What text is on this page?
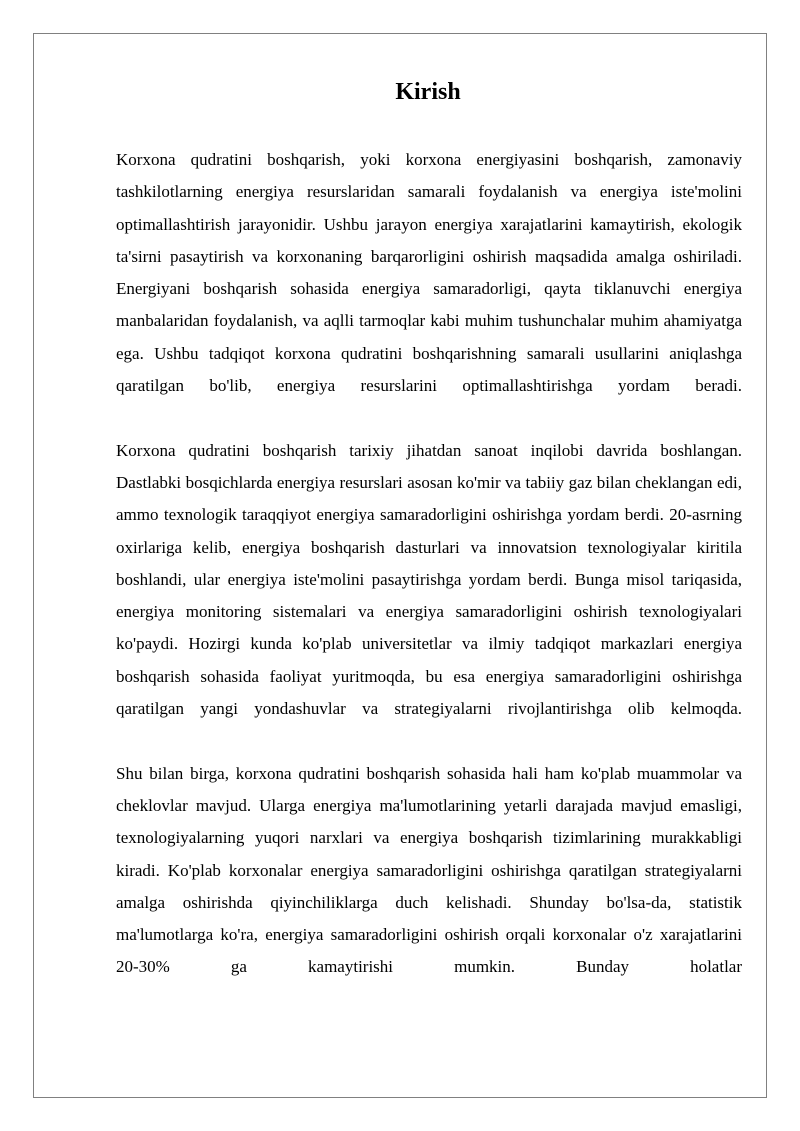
Kirish

Korxona qudratini boshqarish, yoki korxona energiyasini boshqarish, zamonaviy tashkilotlarning energiya resurslaridan samarali foydalanish va energiya iste'molini optimallashtirish jarayonidir. Ushbu jarayon energiya xarajatlarini kamaytirish, ekologik ta'sirni pasaytirish va korxonaning barqarorligini oshirish maqsadida amalga oshiriladi. Energiyani boshqarish sohasida energiya samaradorligi, qayta tiklanuvchi energiya manbalaridan foydalanish, va aqlli tarmoqlar kabi muhim tushunchalar muhim ahamiyatga ega. Ushbu tadqiqot korxona qudratini boshqarishning samarali usullarini aniqlashga qaratilgan bo'lib, energiya resurslarini optimallashtirishga yordam beradi.

Korxona qudratini boshqarish tarixiy jihatdan sanoat inqilobi davrida boshlangan. Dastlabki bosqichlarda energiya resurslari asosan ko'mir va tabiiy gaz bilan cheklangan edi, ammo texnologik taraqqiyot energiya samaradorligini oshirishga yordam berdi. 20-asrning oxirlariga kelib, energiya boshqarish dasturlari va innovatsion texnologiyalar kiritila boshlandi, ular energiya iste'molini pasaytirishga yordam berdi. Bunga misol tariqasida, energiya monitoring sistemalari va energiya samaradorligini oshirish texnologiyalari ko'paydi. Hozirgi kunda ko'plab universitetlar va ilmiy tadqiqot markazlari energiya boshqarish sohasida faoliyat yuritmoqda, bu esa energiya samaradorligini oshirishga qaratilgan yangi yondashuvlar va strategiyalarni rivojlantirishga olib kelmoqda.

Shu bilan birga, korxona qudratini boshqarish sohasida hali ham ko'plab muammolar va cheklovlar mavjud. Ularga energiya ma'lumotlarining yetarli darajada mavjud emasligi, texnologiyalarning yuqori narxlari va energiya boshqarish tizimlarining murakkabligi kiradi. Ko'plab korxonalar energiya samaradorligini oshirishga qaratilgan strategiyalarni amalga oshirishda qiyinchiliklarga duch kelishadi. Shunday bo'lsa-da, statistik ma'lumotlarga ko'ra, energiya samaradorligini oshirish orqali korxonalar o'z xarajatlarini 20-30% ga kamaytirishi mumkin. Bunday holatlar
